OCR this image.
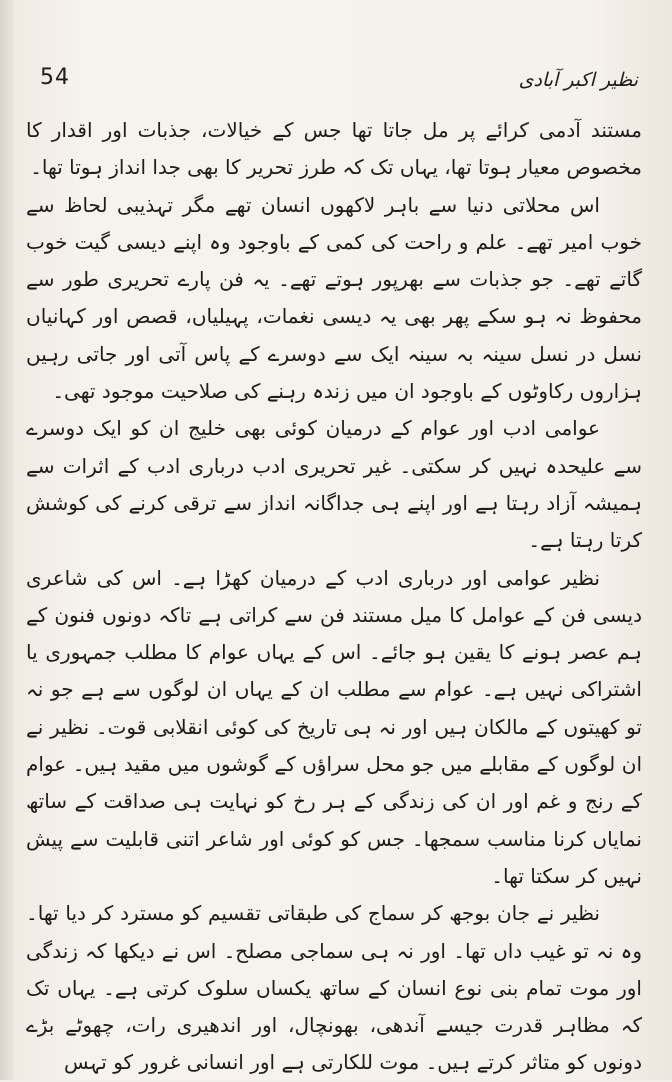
54	نظیر اکبر آبادی

مستند آدمی کرائے پر مل جاتا تھا جس کے خیالات، جذبات اور اقدار کا مخصوص معیار ہوتا تھا، یہاں تک کہ طرز تحریر کا بھی جدا انداز ہوتا تھا۔

اس محلاتی دنیا سے باہر لاکھوں انسان تھے مگر تہذیبی لحاظ سے خوب امیر تھے۔ علم و راحت کی کمی کے باوجود وہ اپنے دیسی گیت خوب گاتے تھے۔ جو جذبات سے بھرپور ہوتے تھے۔ یہ فن پارے تحریری طور سے محفوظ نہ ہو سکے پھر بھی یہ دیسی نغمات، پہیلیاں، قصص اور کہانیاں نسل در نسل سینہ بہ سینہ ایک سے دوسرے کے پاس آتی اور جاتی رہیں ہزاروں رکاوٹوں کے باوجود ان میں زندہ رہنے کی صلاحیت موجود تھی۔

عوامی ادب اور عوام کے درمیان کوئی بھی خلیج ان کو ایک دوسرے سے علیحدہ نہیں کر سکتی۔ غیر تحریری ادب درباری ادب کے اثرات سے ہمیشہ آزاد رہتا ہے اور اپنے ہی جداگانہ انداز سے ترقی کرنے کی کوشش کرتا رہتا ہے۔

نظیر عوامی اور درباری ادب کے درمیان کھڑا ہے۔ اس کی شاعری دیسی فن کے عوامل کا میل مستند فن سے کراتی ہے تاکہ دونوں فنون کے ہم عصر ہونے کا یقین ہو جائے۔ اس کے یہاں عوام کا مطلب جمہوری یا اشتراکی نہیں ہے۔ عوام سے مطلب ان کے یہاں ان لوگوں سے ہے جو نہ تو کھیتوں کے مالکان ہیں اور نہ ہی تاریخ کی کوئی انقلابی قوت۔ نظیر نے ان لوگوں کے مقابلے میں جو محل سراؤں کے گوشوں میں مقید ہیں۔ عوام کے رنج و غم اور ان کی زندگی کے ہر رخ کو نہایت ہی صداقت کے ساتھ نمایاں کرنا مناسب سمجھا۔ جس کو کوئی اور شاعر اتنی قابلیت سے پیش نہیں کر سکتا تھا۔

نظیر نے جان بوجھ کر سماج کی طبقاتی تقسیم کو مسترد کر دیا تھا۔ وہ نہ تو غیب داں تھا۔ اور نہ ہی سماجی مصلح۔ اس نے دیکھا کہ زندگی اور موت تمام بنی نوع انسان کے ساتھ یکساں سلوک کرتی ہے۔ یہاں تک کہ مظاہر قدرت جیسے آندھی، بھونچال، اور اندھیری رات، چھوٹے بڑے دونوں کو متاثر کرتے ہیں۔ موت للکارتی ہے اور انسانی غرور کو تہس
